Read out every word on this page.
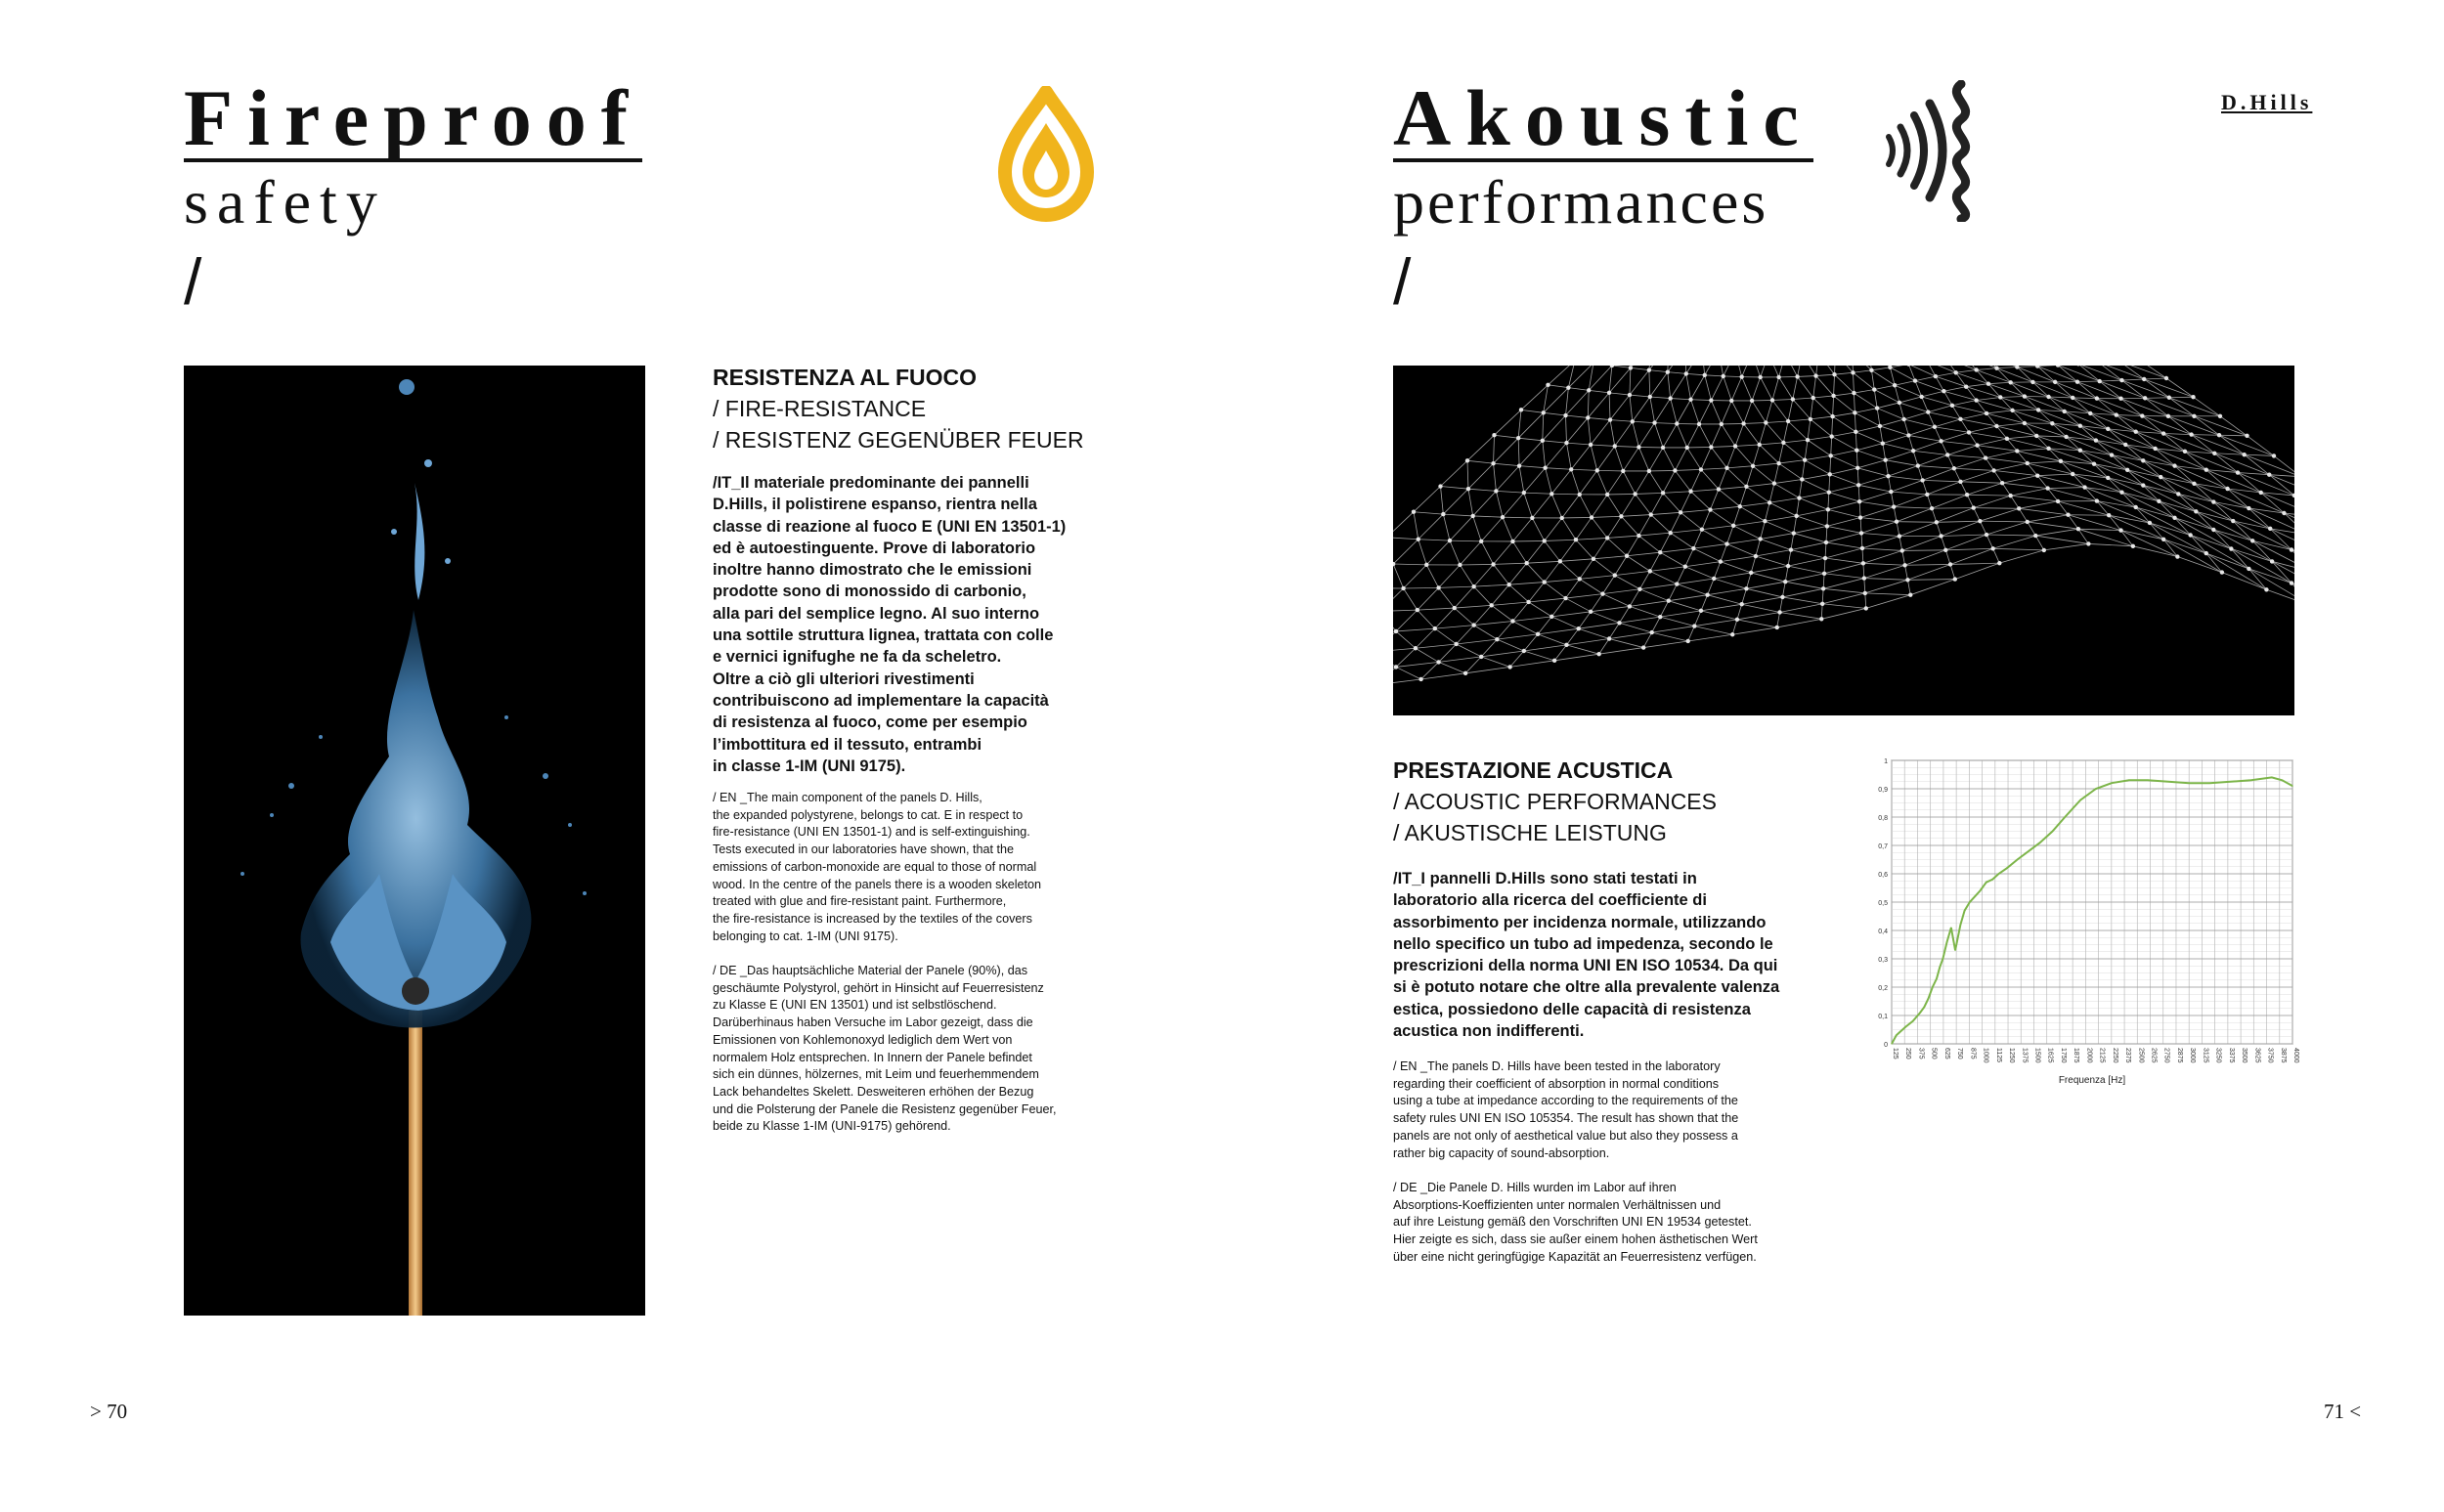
Fireproof
safety
/
RESISTENZA AL FUOCO
/ FIRE-RESISTANCE
/ RESISTENZ GEGENÜBER FEUER
/IT_Il materiale predominante dei pannelli
D.Hills, il polistirene espanso, rientra nella
classe di reazione al fuoco E (UNI EN 13501-1)
ed è autoestinguente. Prove di laboratorio
inoltre hanno dimostrato che le emissioni
prodotte sono di monossido di carbonio,
alla pari del semplice legno. Al suo interno
una sottile struttura lignea, trattata con colle
e vernici ignifughe ne fa da scheletro.
Oltre a ciò gli ulteriori rivestimenti
contribuiscono ad implementare la capacità
di resistenza al fuoco, come per esempio
l’imbottitura ed il tessuto, entrambi
in classe 1-IM (UNI 9175).
/ EN _The main component of the panels D. Hills,
the expanded polystyrene, belongs to cat. E in respect to
fire-resistance (UNI EN 13501-1) and is self-extinguishing.
Tests executed in our laboratories have shown, that the
emissions of carbon-monoxide are equal to those of normal
wood. In the centre of the panels there is a wooden skeleton
treated with glue and fire-resistant paint. Furthermore,
the fire-resistance is increased by the textiles of the covers
belonging to cat. 1-IM (UNI 9175).
/ DE _Das hauptsächliche Material der Panele (90%), das
geschäumte Polystyrol, gehört in Hinsicht auf Feuerresistenz
zu Klasse E (UNI EN 13501) und ist selbstlöschend.
Darüberhinaus haben Versuche im Labor gezeigt, dass die
Emissionen von Kohlemonoxyd lediglich dem Wert von
normalem Holz entsprechen. In Innern der Panele befindet
sich ein dünnes, hölzernes, mit Leim und feuerhemmendem
Lack behandeltes Skelett. Desweiteren erhöhen der Bezug
und die Polsterung der Panele die Resistenz gegenüber Feuer,
beide zu Klasse 1-IM (UNI-9175) gehörend.
> 70
Akoustic
performances
/
D.Hills
PRESTAZIONE ACUSTICA
/ ACOUSTIC PERFORMANCES
/ AKUSTISCHE LEISTUNG
/IT_I pannelli D.Hills sono stati testati in
laboratorio alla ricerca del coefficiente di
assorbimento per incidenza normale, utilizzando
nello specifico un tubo ad impedenza, secondo le
prescrizioni della norma UNI EN ISO 10534. Da qui
si è potuto notare che oltre alla prevalente valenza
estica, possiedono delle capacità di resistenza
acustica non indifferenti.
/ EN _The panels D. Hills have been tested in the laboratory
regarding their coefficient of absorption in normal conditions
using a tube at impedance according to the requirements of the
safety rules UNI EN ISO 105354. The result has shown that the
panels are not only of aesthetical value but also they possess a
rather big capacity of sound-absorption.
/ DE _Die Panele D. Hills wurden im Labor auf ihren
Absorptions-Koeffizienten unter normalen Verhältnissen und
auf ihre Leistung gemäß den Vorschriften UNI EN 19534 getestet.
Hier zeigte es sich, dass sie außer einem hohen ästhetischen Wert
über eine nicht geringfügige Kapazität an Feuerresistenz verfügen.
125 250 375 500 625 750 875 1000 1125 1250 1375 1500 1625 1750 1875 2000 2125 2250 2375 2500 2625 2750 2875 3000 3125 3250 3375 3500 3625 3750 3875 4000
0
0,1
0,2
0,3
0,4
0,5
0,6
0,7
0,8
0,9
1
Frequenza [Hz]
71 <
